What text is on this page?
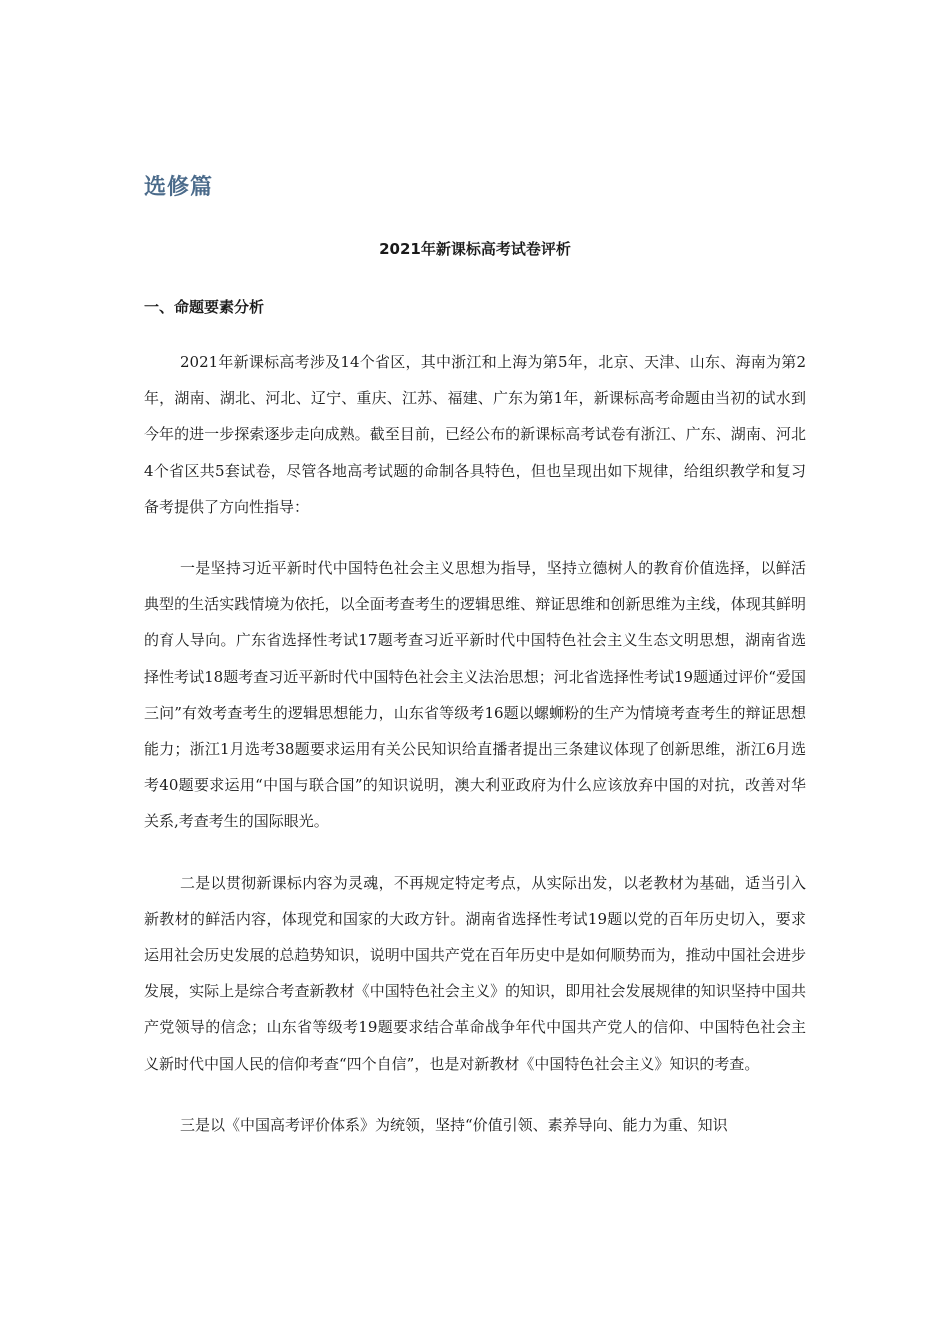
选修篇
2021年新课标高考试卷评析
一、命题要素分析

2021年新课标高考涉及14个省区，其中浙江和上海为第5年，北京、天津、山东、海南为第2年，湖南、湖北、河北、辽宁、重庆、江苏、福建、广东为第1年，新课标高考命题由当初的试水到今年的进一步探索逐步走向成熟。截至目前，已经公布的新课标高考试卷有浙江、广东、湖南、河北4个省区共5套试卷，尽管各地高考试题的命制各具特色，但也呈现出如下规律，给组织教学和复习备考提供了方向性指导：

一是坚持习近平新时代中国特色社会主义思想为指导，坚持立德树人的教育价值选择，以鲜活典型的生活实践情境为依托，以全面考查考生的逻辑思维、辩证思维和创新思维为主线，体现其鲜明的育人导向。广东省选择性考试17题考查习近平新时代中国特色社会主义生态文明思想，湖南省选择性考试18题考查习近平新时代中国特色社会主义法治思想；河北省选择性考试19题通过评价“爱国三问”有效考查考生的逻辑思想能力，山东省等级考16题以螺蛳粉的生产为情境考查考生的辩证思想能力；浙江1月选考38题要求运用有关公民知识给直播者提出三条建议体现了创新思维，浙江6月选考40题要求运用“中国与联合国”的知识说明，澳大利亚政府为什么应该放弃中国的对抗，改善对华关系,考查考生的国际眼光。

二是以贯彻新课标内容为灵魂，不再规定特定考点，从实际出发，以老教材为基础，适当引入新教材的鲜活内容，体现党和国家的大政方针。湖南省选择性考试19题以党的百年历史切入，要求运用社会历史发展的总趋势知识，说明中国共产党在百年历史中是如何顺势而为，推动中国社会进步发展，实际上是综合考查新教材《中国特色社会主义》的知识，即用社会发展规律的知识坚持中国共产党领导的信念；山东省等级考19题要求结合革命战争年代中国共产党人的信仰、中国特色社会主义新时代中国人民的信仰考查“四个自信”，也是对新教材《中国特色社会主义》知识的考查。

三是以《中国高考评价体系》为统领，坚持“价值引领、素养导向、能力为重、知识
